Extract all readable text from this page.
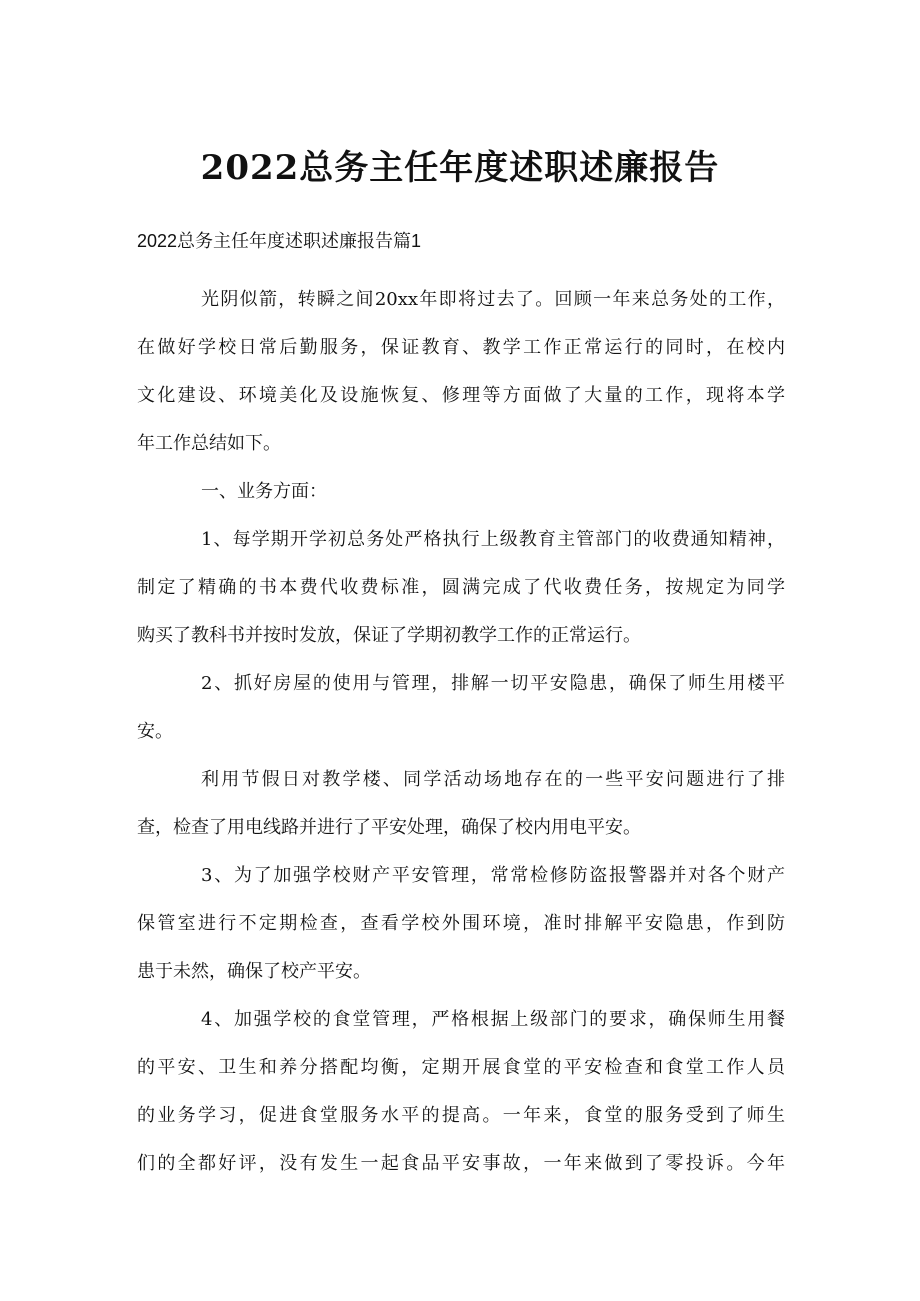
2022总务主任年度述职述廉报告

2022总务主任年度述职述廉报告篇1

光阴似箭，转瞬之间20xx年即将过去了。回顾一年来总务处的工作，
在做好学校日常后勤服务，保证教育、教学工作正常运行的同时，在校内
文化建设、环境美化及设施恢复、修理等方面做了大量的工作，现将本学
年工作总结如下。
一、业务方面：
1、每学期开学初总务处严格执行上级教育主管部门的收费通知精神，
制定了精确的书本费代收费标准，圆满完成了代收费任务，按规定为同学
购买了教科书并按时发放，保证了学期初教学工作的正常运行。
2、抓好房屋的使用与管理，排解一切平安隐患，确保了师生用楼平
安。
利用节假日对教学楼、同学活动场地存在的一些平安问题进行了排
查，检查了用电线路并进行了平安处理，确保了校内用电平安。
3、为了加强学校财产平安管理，常常检修防盗报警器并对各个财产
保管室进行不定期检查，查看学校外围环境，准时排解平安隐患，作到防
患于未然，确保了校产平安。
4、加强学校的食堂管理，严格根据上级部门的要求，确保师生用餐
的平安、卫生和养分搭配均衡，定期开展食堂的平安检查和食堂工作人员
的业务学习，促进食堂服务水平的提高。一年来，食堂的服务受到了师生
们的全都好评，没有发生一起食品平安事故，一年来做到了零投诉。今年
